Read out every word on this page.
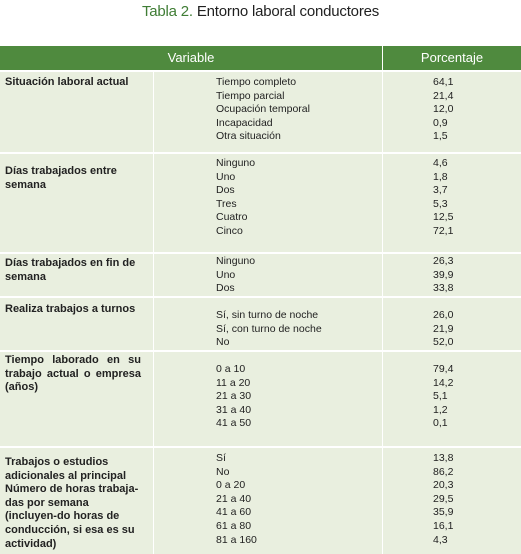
Tabla 2. Entorno laboral conductores
Variable	Porcentaje
Situación laboral actual	Tiempo completo	64,1
Tiempo parcial	21,4
Ocupación temporal	12,0
Incapacidad	0,9
Otra situación	1,5
Días trabajados entre semana
Ninguno	4,6
Uno	1,8
Dos	3,7
Tres	5,3
Cuatro	12,5
Cinco	72,1
Días trabajados en fin de semana
Ninguno	26,3
Uno	39,9
Dos	33,8
Realiza trabajos a turnos	Sí, sin turno de noche	26,0
Sí, con turno de noche	21,9
No	52,0
Tiempo laborado en su trabajo actual o empresa (años)
0 a 10	79,4
11 a 20	14,2
21 a 30	5,1
31 a 40	1,2
41 a 50	0,1
Trabajos o estudios adicionales al principal Número de horas trabaja-das por semana (incluyen-do horas de conducción, si esa es su actividad)
Sí	13,8
No	86,2
0 a 20	20,3
21 a 40	29,5
41 a 60	35,9
61 a 80	16,1
81 a 160	4,3
